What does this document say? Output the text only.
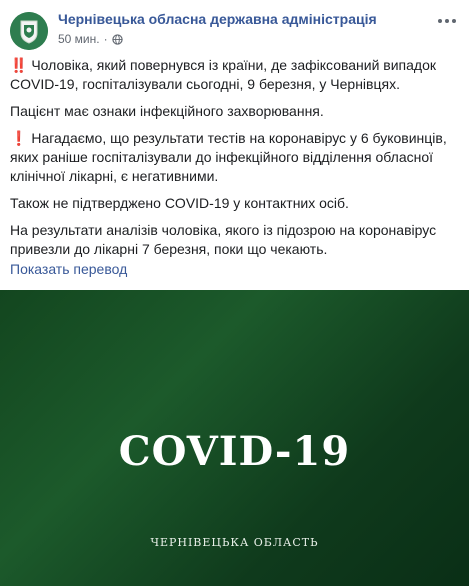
Чернівецька обласна державна адміністрація
50 мин. ·

‼️ Чоловіка, який повернувся із країни, де зафіксований випадок COVID-19, госпіталізували сьогодні, 9 березня, у Чернівцях.

Пацієнт має ознаки інфекційного захворювання.

❗ Нагадаємо, що результати тестів на коронавірус у 6 буковинців, яких раніше госпіталізували до інфекційного відділення обласної клінічної лікарні, є негативними.

Також не підтверджено COVID-19 у контактних осіб.

На результати аналізів чоловіка, якого із підозрою на коронавірус привезли до лікарні 7 березня, поки що чекають.

Показать перевод
COVID-19
ЧЕРНІВЕЦЬКА ОБЛАСТЬ
